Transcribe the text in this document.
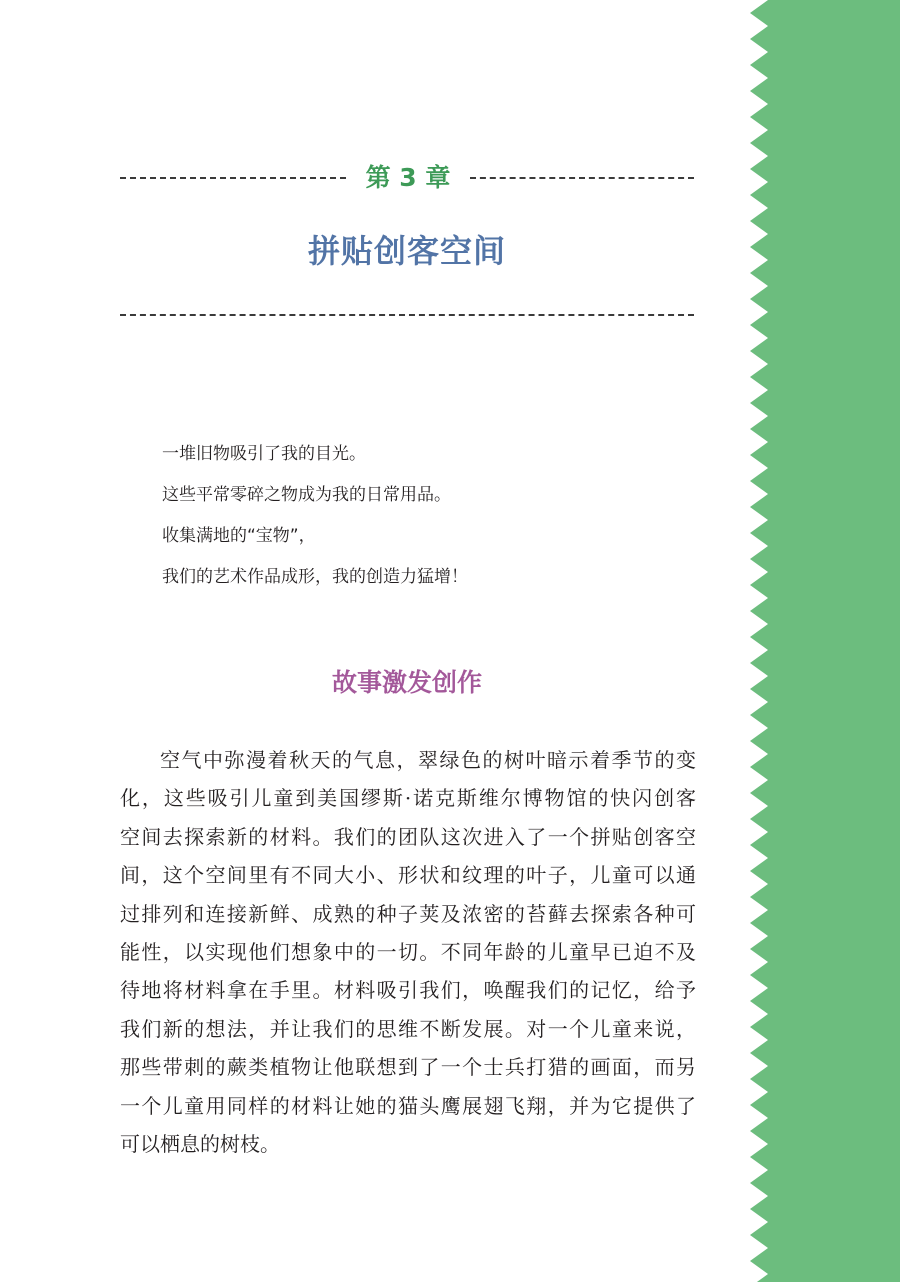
第 3 章
拼贴创客空间
一堆旧物吸引了我的目光。
这些平常零碎之物成为我的日常用品。
收集满地的“宝物”，
我们的艺术作品成形，我的创造力猛增！
故事激发创作
空气中弥漫着秋天的气息，翠绿色的树叶暗示着季节的变
化，这些吸引儿童到美国缪斯·诺克斯维尔博物馆的快闪创客
空间去探索新的材料。我们的团队这次进入了一个拼贴创客空
间，这个空间里有不同大小、形状和纹理的叶子，儿童可以通
过排列和连接新鲜、成熟的种子荚及浓密的苔藓去探索各种可
能性，以实现他们想象中的一切。不同年龄的儿童早已迫不及
待地将材料拿在手里。材料吸引我们，唤醒我们的记忆，给予
我们新的想法，并让我们的思维不断发展。对一个儿童来说，
那些带刺的蕨类植物让他联想到了一个士兵打猎的画面，而另
一个儿童用同样的材料让她的猫头鹰展翅飞翔，并为它提供了
可以栖息的树枝。
